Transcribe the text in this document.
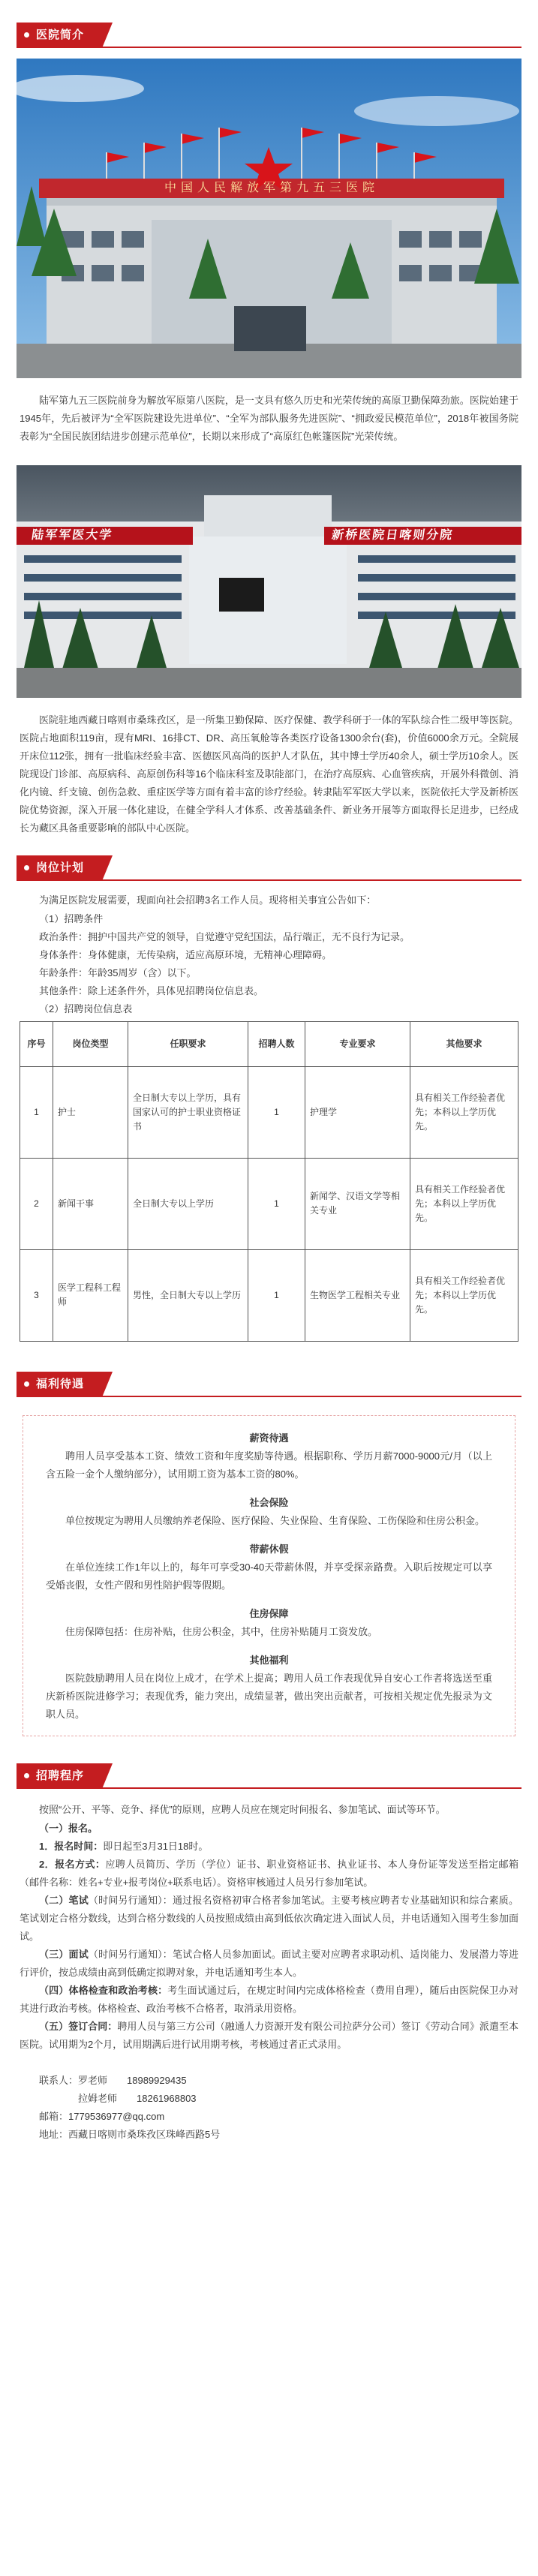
医院简介
中国人民解放军第九五三医院

陆军第九五三医院前身为解放军原第八医院，是一支具有悠久历史和光荣传统的高原卫勤保障劲旅。医院始建于1945年，先后被评为“全军医院建设先进单位”、“全军为部队服务先进医院”、“拥政爱民模范单位”，2018年被国务院表彰为“全国民族团结进步创建示范单位”，长期以来形成了“高原红色帐篷医院”光荣传统。

陆军军医大学	新桥医院日喀则分院

医院驻地西藏日喀则市桑珠孜区，是一所集卫勤保障、医疗保健、教学科研于一体的军队综合性二级甲等医院。医院占地面积119亩，现有MRI、16排CT、DR、高压氧舱等各类医疗设备1300余台(套)，价值6000余万元。全院展开床位112张，拥有一批临床经验丰富、医德医风高尚的医护人才队伍，其中博士学历40余人，硕士学历10余人。医院现设门诊部、高原病科、高原创伤科等16个临床科室及职能部门，在治疗高原病、心血管疾病，开展外科微创、消化内镜、纤支镜、创伤急救、重症医学等方面有着丰富的诊疗经验。转隶陆军军医大学以来，医院依托大学及新桥医院优势资源，深入开展一体化建设，在健全学科人才体系、改善基础条件、新业务开展等方面取得长足进步，已经成长为藏区具备重要影响的部队中心医院。

岗位计划

为满足医院发展需要，现面向社会招聘3名工作人员。现将相关事宜公告如下：

（1）招聘条件

政治条件：拥护中国共产党的领导，自觉遵守党纪国法，品行端正，无不良行为记录。

身体条件：身体健康，无传染病，适应高原环境，无精神心理障碍。

年龄条件：年龄35周岁（含）以下。

其他条件：除上述条件外，具体见招聘岗位信息表。

（2）招聘岗位信息表

序号	岗位类型	任职要求	招聘人数	专业要求	其他要求
1	护士	全日制大专以上学历，具有国家认可的护士职业资格证书	1	护理学	具有相关工作经验者优先；本科以上学历优先。
2	新闻干事	全日制大专以上学历	1	新闻学、汉语文学等相关专业	具有相关工作经验者优先；本科以上学历优先。
3	医学工程科工程师	男性，全日制大专以上学历	1	生物医学工程相关专业	具有相关工作经验者优先；本科以上学历优先。
福利待遇
薪资待遇

聘用人员享受基本工资、绩效工资和年度奖励等待遇。根据职称、学历月薪7000-9000元/月（以上含五险一金个人缴纳部分），试用期工资为基本工资的80%。

社会保险

单位按规定为聘用人员缴纳养老保险、医疗保险、失业保险、生育保险、工伤保险和住房公积金。

带薪休假

在单位连续工作1年以上的，每年可享受30-40天带薪休假，并享受探亲路费。入职后按规定可以享受婚丧假，女性产假和男性陪护假等假期。

住房保障

住房保障包括：住房补贴，住房公积金，其中，住房补贴随月工资发放。

其他福利

医院鼓励聘用人员在岗位上成才，在学术上提高；聘用人员工作表现优异自安心工作者将选送至重庆新桥医院进修学习；表现优秀，能力突出，成绩显著，做出突出贡献者，可按相关规定优先报录为文职人员。

招聘程序

按照“公开、平等、竞争、择优”的原则，应聘人员应在规定时间报名、参加笔试、面试等环节。

（一）报名。

1．报名时间：即日起至3月31日18时。

2．报名方式：应聘人员简历、学历（学位）证书、职业资格证书、执业证书、本人身份证等发送至指定邮箱（邮件名称：姓名+专业+报考岗位+联系电话）。资格审核通过人员另行参加笔试。

（二）笔试（时间另行通知）：通过报名资格初审合格者参加笔试。主要考核应聘者专业基础知识和综合素质。笔试划定合格分数线，达到合格分数线的人员按照成绩由高到低依次确定进入面试人员，并电话通知入围考生参加面试。

（三）面试（时间另行通知）：笔试合格人员参加面试。面试主要对应聘者求职动机、适岗能力、发展潜力等进行评价，按总成绩由高到低确定拟聘对象，并电话通知考生本人。

（四）体格检查和政治考核：考生面试通过后，在规定时间内完成体格检查（费用自理），随后由医院保卫办对其进行政治考核。体格检查、政治考核不合格者，取消录用资格。

（五）签订合同：聘用人员与第三方公司（融通人力资源开发有限公司拉萨分公司）签订《劳动合同》派遣至本医院。试用期为2个月，试用期满后进行试用期考核，考核通过者正式录用。

联系人：罗老师　　18989929435
拉姆老师　　18261968803
邮箱：1779536977@qq.com
地址：西藏日喀则市桑珠孜区珠峰西路5号
